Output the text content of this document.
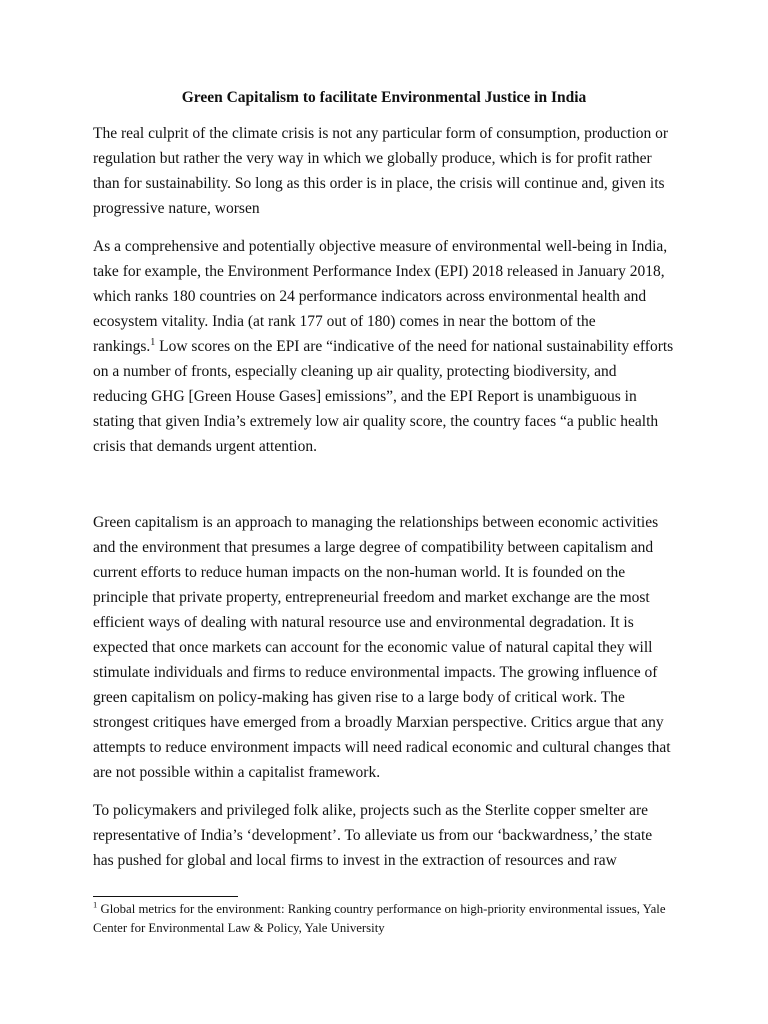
Green Capitalism to facilitate Environmental Justice in India
The real culprit of the climate crisis is not any particular form of consumption, production or
regulation but rather the very way in which we globally produce, which is for profit rather
than for sustainability. So long as this order is in place, the crisis will continue and, given its
progressive nature, worsen
As a comprehensive and potentially objective measure of environmental well-being in India,
take for example, the Environment Performance Index (EPI) 2018 released in January 2018,
which ranks 180 countries on 24 performance indicators across environmental health and
ecosystem vitality. India (at rank 177 out of 180) comes in near the bottom of the
rankings.$^1$ Low scores on the EPI are “indicative of the need for national sustainability efforts
on a number of fronts, especially cleaning up air quality, protecting biodiversity, and
reducing GHG [Green House Gases] emissions”, and the EPI Report is unambiguous in
stating that given India’s extremely low air quality score, the country faces “a public health
crisis that demands urgent attention.
Green capitalism is an approach to managing the relationships between economic activities
and the environment that presumes a large degree of compatibility between capitalism and
current efforts to reduce human impacts on the non-human world. It is founded on the
principle that private property, entrepreneurial freedom and market exchange are the most
efficient ways of dealing with natural resource use and environmental degradation. It is
expected that once markets can account for the economic value of natural capital they will
stimulate individuals and firms to reduce environmental impacts. The growing influence of
green capitalism on policy-making has given rise to a large body of critical work. The
strongest critiques have emerged from a broadly Marxian perspective. Critics argue that any
attempts to reduce environment impacts will need radical economic and cultural changes that
are not possible within a capitalist framework.
To policymakers and privileged folk alike, projects such as the Sterlite copper smelter are
representative of India’s ‘development’. To alleviate us from our ‘backwardness,’ the state
has pushed for global and local firms to invest in the extraction of resources and raw
$^1$ Global metrics for the environment: Ranking country performance on high-priority environmental issues, Yale
Center for Environmental Law & Policy, Yale University
